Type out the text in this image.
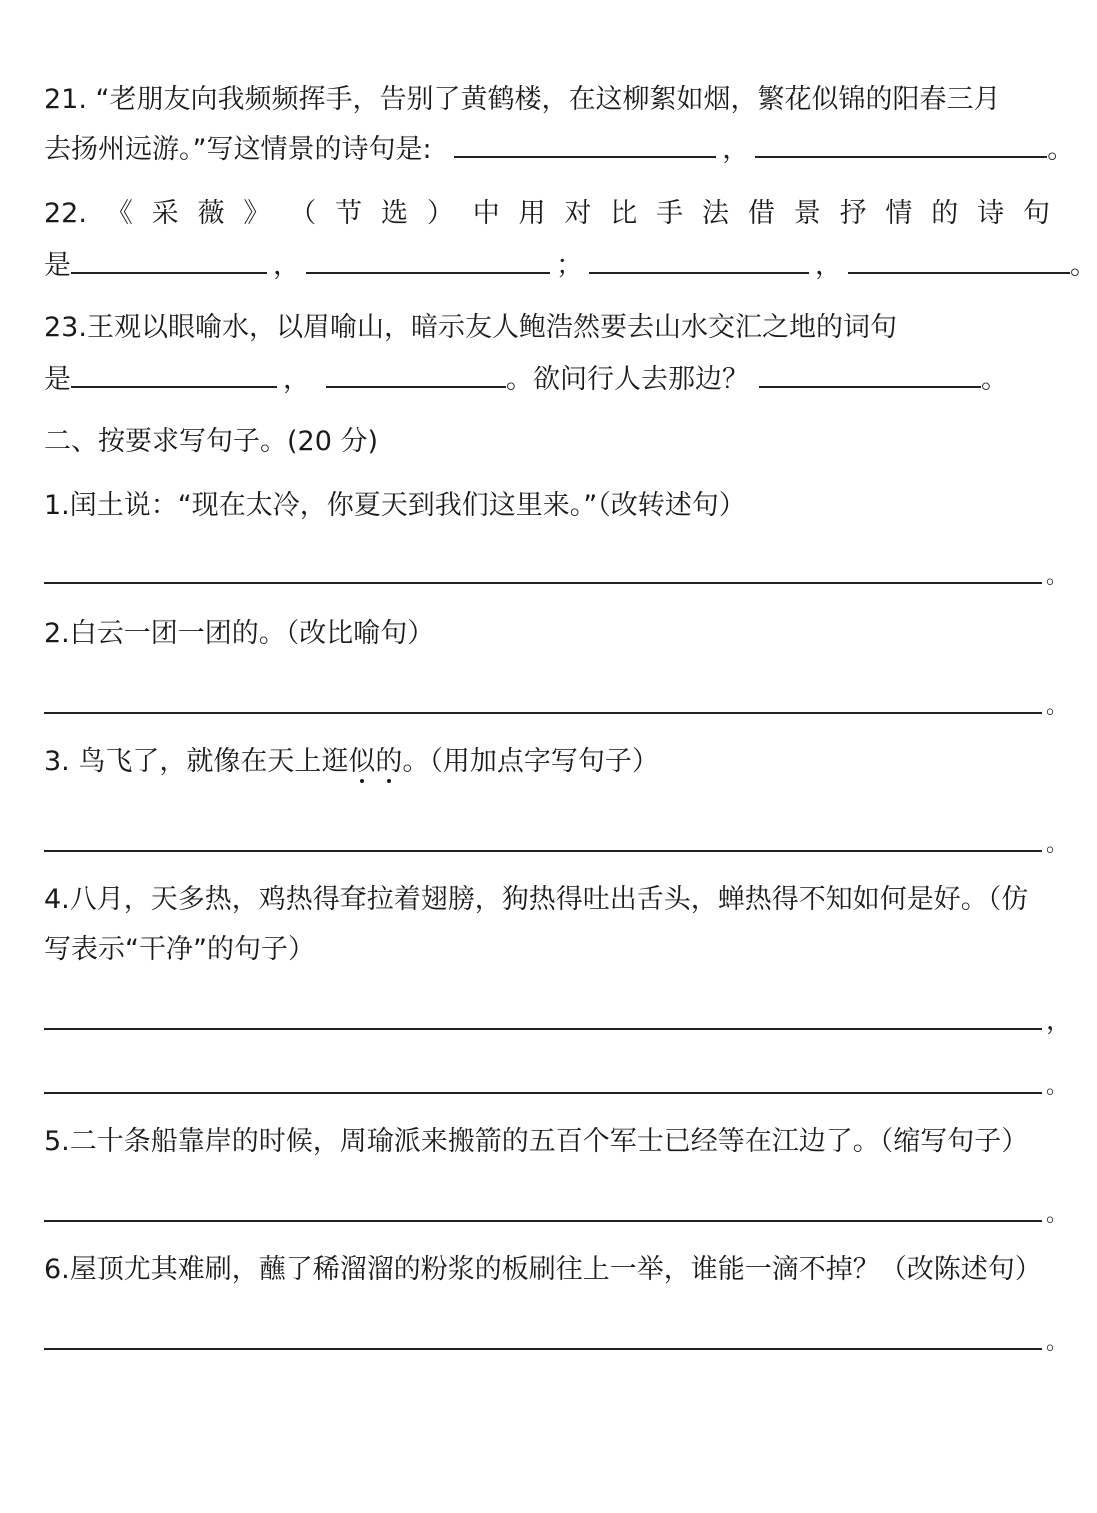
21. “老朋友向我频频挥手，告别了黄鹤楼，在这柳絮如烟，繁花似锦的阳春三月
去扬州远游。”写这情景的诗句是:	，	。
22. 《 采 薇 》 （ 节 选 ） 中 用 对 比 手 法 借 景 抒 情 的 诗 句
是	，	；	，	。
23.王观以眼喻水，以眉喻山，暗示友人鲍浩然要去山水交汇之地的词句
是	，	。欲问行人去那边？	。
二、按要求写句子。(20 分)
1.闰土说：“现在太冷，你夏天到我们这里来。”（改转述句）
。
2.白云一团一团的。（改比喻句）
。
3. 鸟飞了，就像在天上逛似的。（用加点字写句子）
。
4.八月，天多热，鸡热得耷拉着翅膀，狗热得吐出舌头，蝉热得不知如何是好。（仿
写表示“干净”的句子）
，
。
5.二十条船靠岸的时候，周瑜派来搬箭的五百个军士已经等在江边了。（缩写句子）
。
6.屋顶尤其难刷，蘸了稀溜溜的粉浆的板刷往上一举，谁能一滴不掉？（改陈述句）
。
